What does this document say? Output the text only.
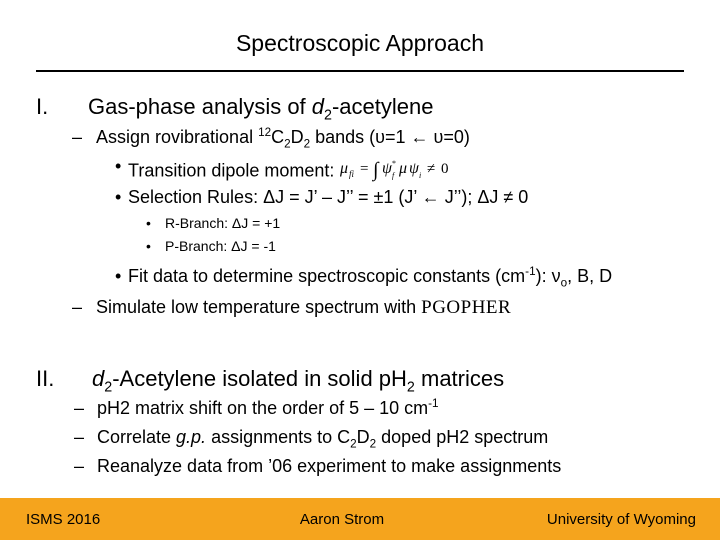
Spectroscopic Approach
I. Gas-phase analysis of $d_2$-acetylene
– Assign rovibrational $^{12}C_2D_2$ bands (υ=1 ← υ=0)
• Transition dipole moment: μ fi = ∫ ψ *
f μ ψ i ≠ 0
• Selection Rules: ΔJ = J’ – J’’ = ±1 (J’ ← J’’); ΔJ ≠ 0
• R-Branch: ΔJ = +1
• P-Branch: ΔJ = -1
• Fit data to determine spectroscopic constants $(cm^{-1})$: $\nu_o$, B, D
– Simulate low temperature spectrum with PGOPHER
II. $d_2$-Acetylene isolated in solid $pH_2$ matrices
– pH2 matrix shift on the order of 5 – 10 $cm^{-1}$
– Correlate g.p. assignments to $C_2D_2$ doped pH2 spectrum
– Reanalyze data from ’06 experiment to make assignments
ISMS 2016	Aaron Strom	University of Wyoming
